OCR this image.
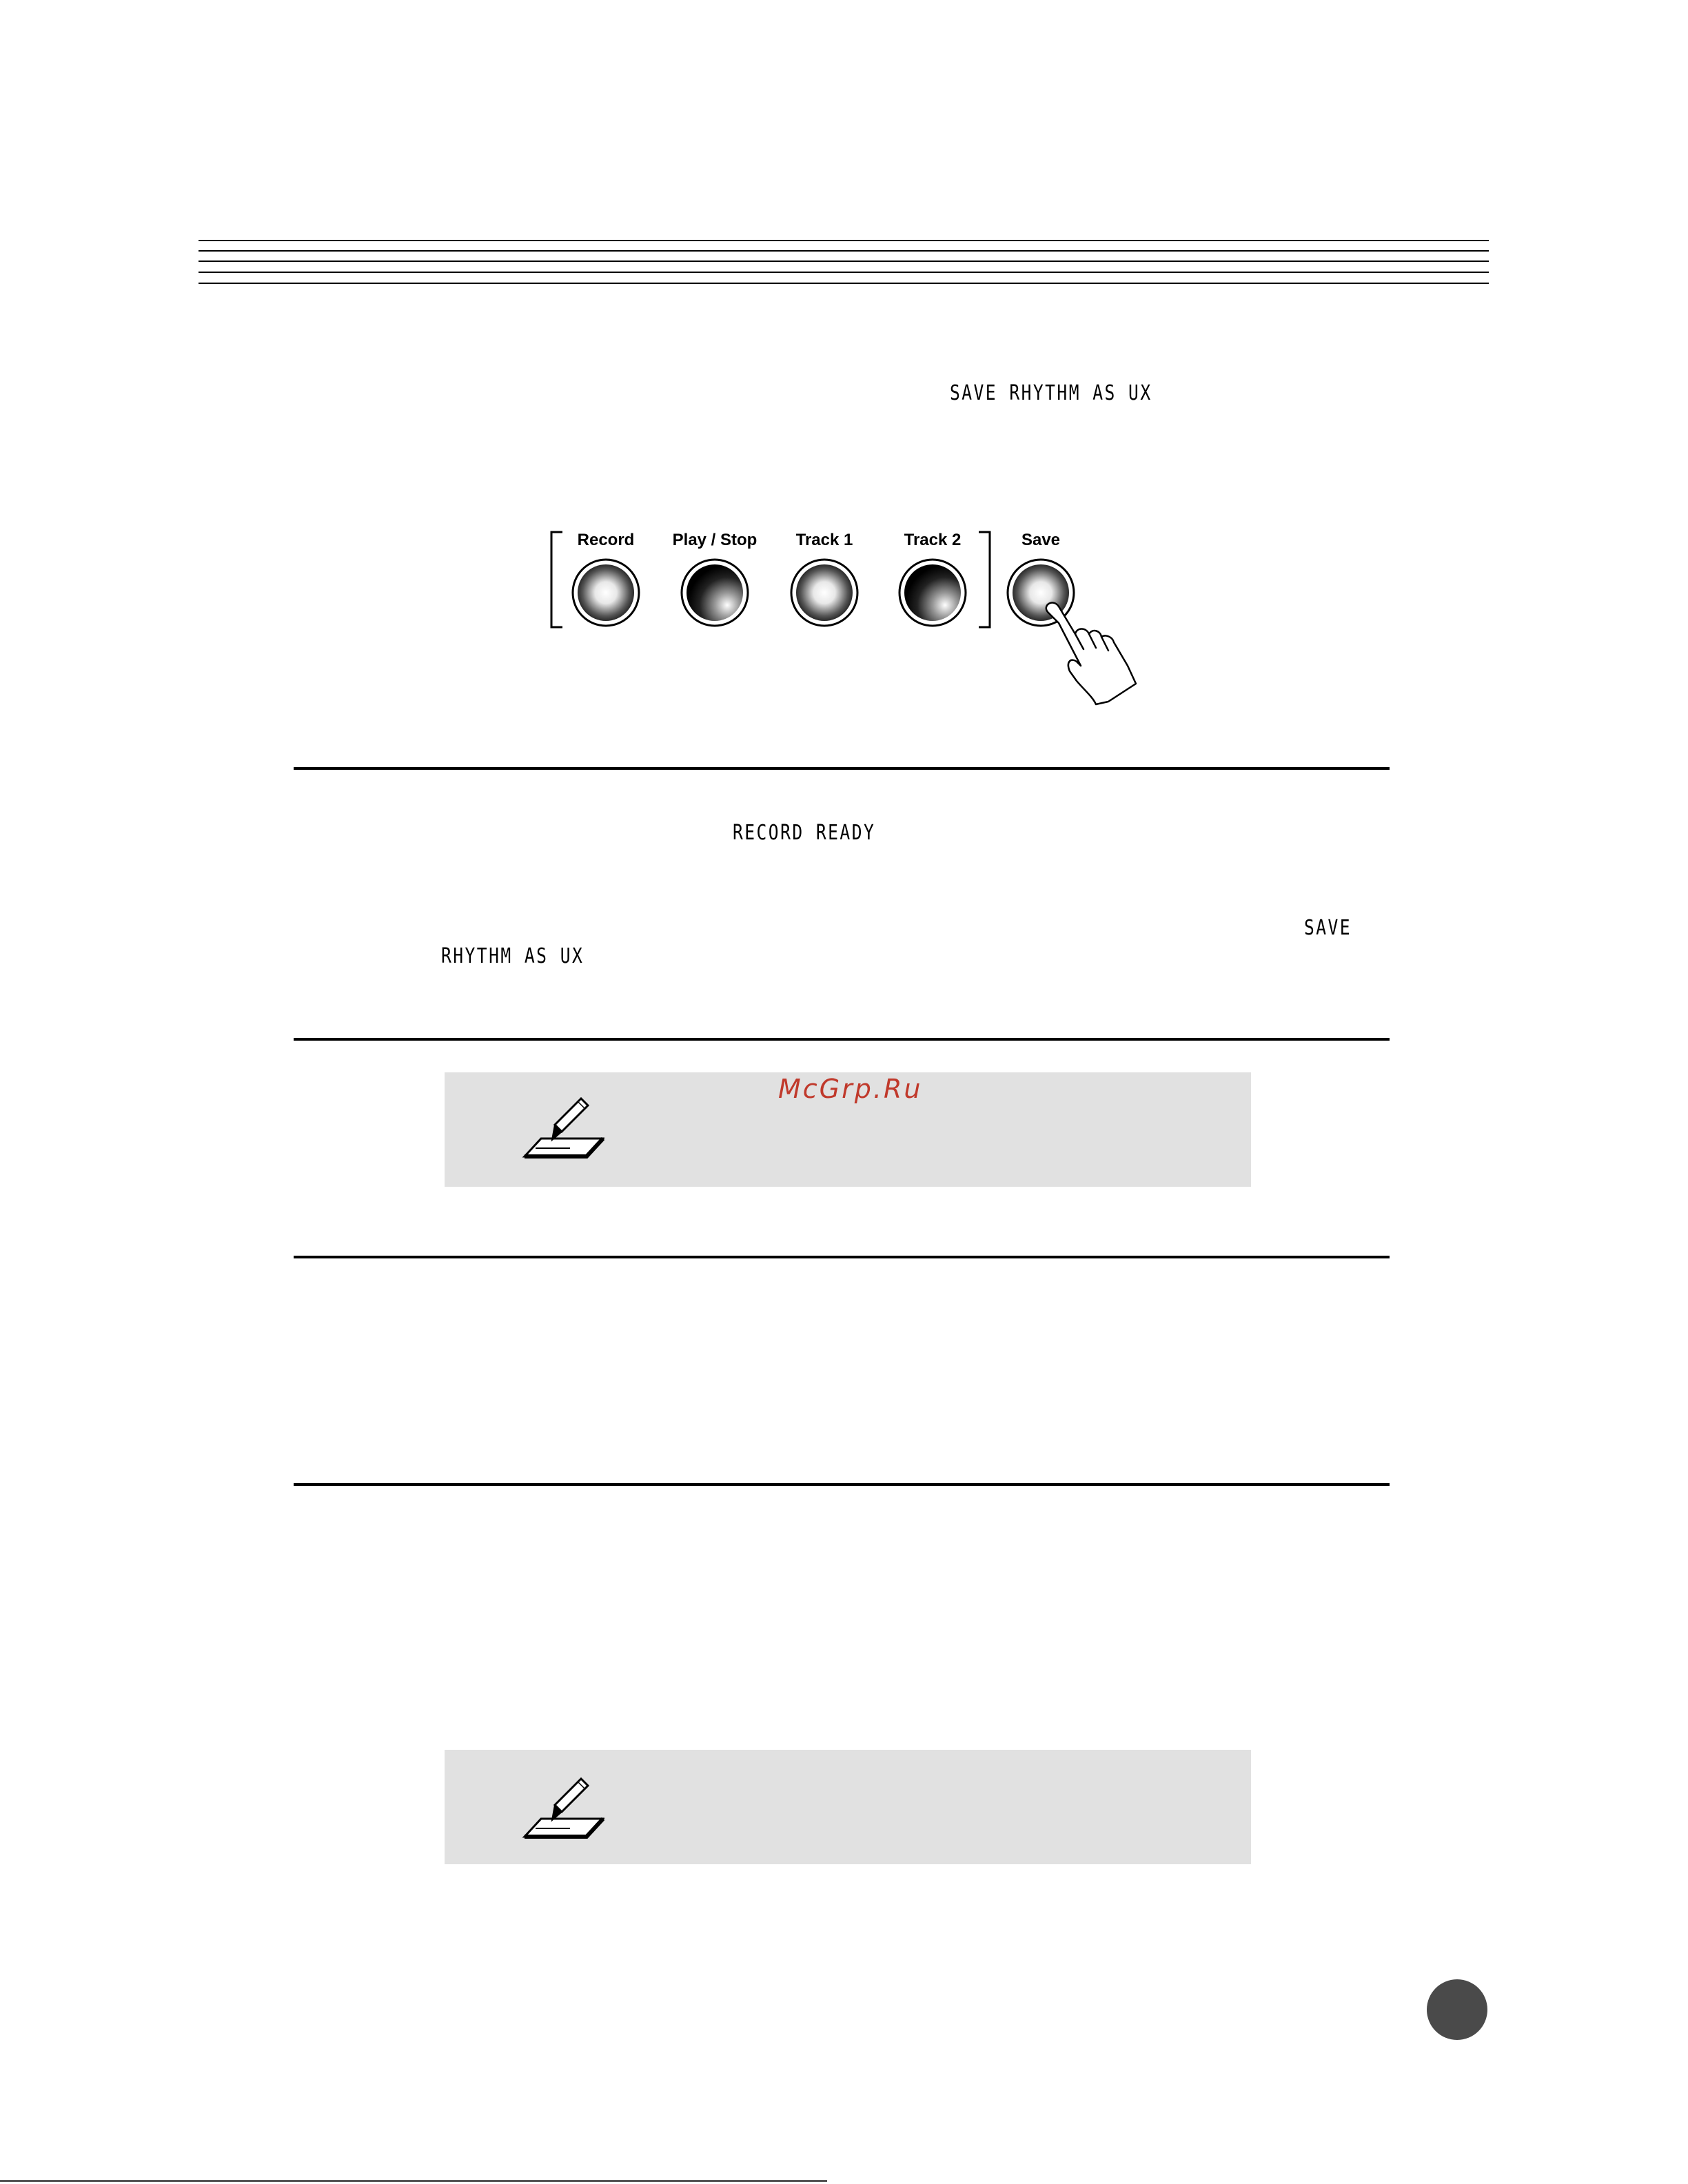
SAVE RHYTHM AS UX
Record	Play / Stop	Track 1	Track 2	Save
RECORD READY
SAVE
RHYTHM AS UX
McGrp.Ru
